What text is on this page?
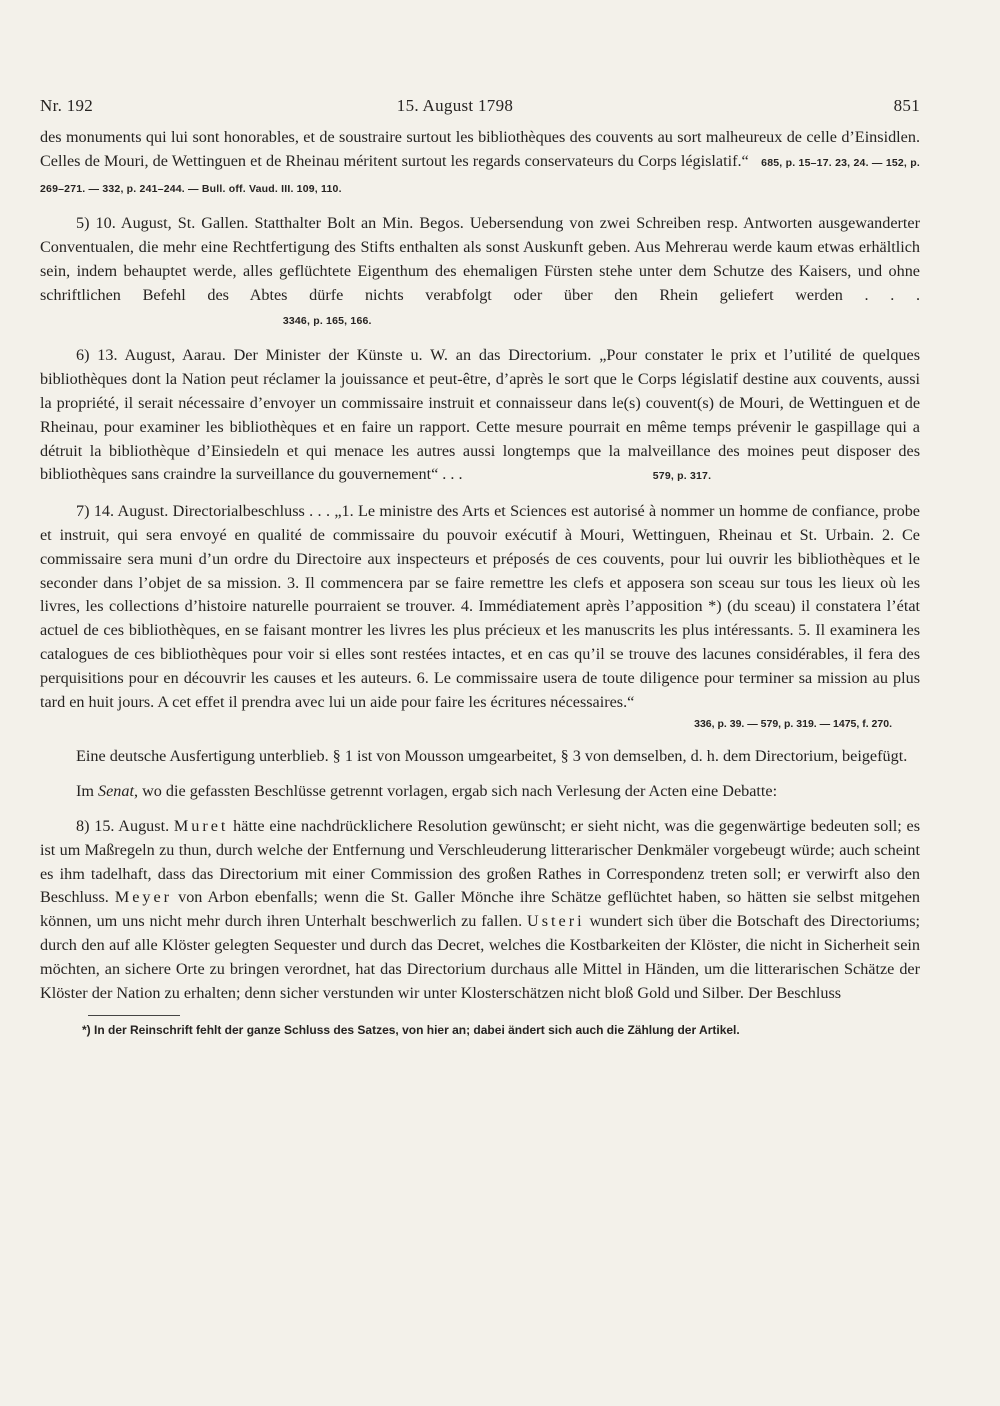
Nr. 192	15. August 1798	851

des monuments qui lui sont honorables, et de soustraire surtout les bibliothèques des couvents au sort malheureux de celle d’Einsidlen. Celles de Mouri, de Wettinguen et de Rheinau méritent surtout les regards conservateurs du Corps législatif.“ 685, p. 15–17. 23, 24. — 152, p. 269–271. — 332, p. 241–244. — Bull. off. Vaud. III. 109, 110.

5) 10. August, St. Gallen. Statthalter Bolt an Min. Begos. Uebersendung von zwei Schreiben resp. Antworten ausgewanderter Conventualen, die mehr eine Rechtfertigung des Stifts enthalten als sonst Auskunft geben. Aus Mehrerau werde kaum etwas erhältlich sein, indem behauptet werde, alles geflüchtete Eigenthum des ehemaligen Fürsten stehe unter dem Schutze des Kaisers, und ohne schriftlichen Befehl des Abtes dürfe nichts verabfolgt oder über den Rhein geliefert werden . . .                                                             3346, p. 165, 166.

6) 13. August, Aarau. Der Minister der Künste u. W. an das Directorium. „Pour constater le prix et l’utilité de quelques bibliothèques dont la Nation peut réclamer la jouissance et peut-être, d’après le sort que le Corps législatif destine aux couvents, aussi la propriété, il serait nécessaire d’envoyer un commissaire instruit et connaisseur dans le(s) couvent(s) de Mouri, de Wettinguen et de Rheinau, pour examiner les bibliothèques et en faire un rapport. Cette mesure pourrait en même temps prévenir le gaspillage qui a détruit la bibliothèque d’Einsiedeln et qui menace les autres aussi longtemps que la malveillance des moines peut disposer des bibliothèques sans craindre la surveillance du gouvernement“ . . .	579, p. 317.

7) 14. August. Directorialbeschluss . . . „1. Le ministre des Arts et Sciences est autorisé à nommer un homme de confiance, probe et instruit, qui sera envoyé en qualité de commissaire du pouvoir exécutif à Mouri, Wettinguen, Rheinau et St. Urbain. 2. Ce commissaire sera muni d’un ordre du Directoire aux inspecteurs et préposés de ces couvents, pour lui ouvrir les bibliothèques et le seconder dans l’objet de sa mission. 3. Il commencera par se faire remettre les clefs et apposera son sceau sur tous les lieux où les livres, les collections d’histoire naturelle pourraient se trouver. 4. Immédiatement après l’apposition *) (du sceau) il constatera l’état actuel de ces bibliothèques, en se faisant montrer les livres les plus précieux et les manuscrits les plus intéressants. 5. Il examinera les catalogues de ces bibliothèques pour voir si elles sont restées intactes, et en cas qu’il se trouve des lacunes considérables, il fera des perquisitions pour en découvrir les causes et les auteurs. 6. Le commissaire usera de toute diligence pour terminer sa mission au plus tard en huit jours. A cet effet il prendra avec lui un aide pour faire les écritures nécessaires.“

336, p. 39. — 579, p. 319. — 1475, f. 270.

Eine deutsche Ausfertigung unterblieb. § 1 ist von Mousson umgearbeitet, § 3 von demselben, d. h. dem Directorium, beigefügt.

Im Senat, wo die gefassten Beschlüsse getrennt vorlagen, ergab sich nach Verlesung der Acten eine Debatte:

8) 15. August. Muret hätte eine nachdrücklichere Resolution gewünscht; er sieht nicht, was die gegenwärtige bedeuten soll; es ist um Maßregeln zu thun, durch welche der Entfernung und Verschleuderung litterarischer Denkmäler vorgebeugt würde; auch scheint es ihm tadelhaft, dass das Directorium mit einer Commission des großen Rathes in Correspondenz treten soll; er verwirft also den Beschluss. Meyer von Arbon ebenfalls; wenn die St. Galler Mönche ihre Schätze geflüchtet haben, so hätten sie selbst mitgehen können, um uns nicht mehr durch ihren Unterhalt beschwerlich zu fallen. Usteri wundert sich über die Botschaft des Directoriums; durch den auf alle Klöster gelegten Sequester und durch das Decret, welches die Kostbarkeiten der Klöster, die nicht in Sicherheit sein möchten, an sichere Orte zu bringen verordnet, hat das Directorium durchaus alle Mittel in Händen, um die litterarischen Schätze der Klöster der Nation zu erhalten; denn sicher verstunden wir unter Klosterschätzen nicht bloß Gold und Silber. Der Beschluss

*) In der Reinschrift fehlt der ganze Schluss des Satzes, von hier an; dabei ändert sich auch die Zählung der Artikel.
